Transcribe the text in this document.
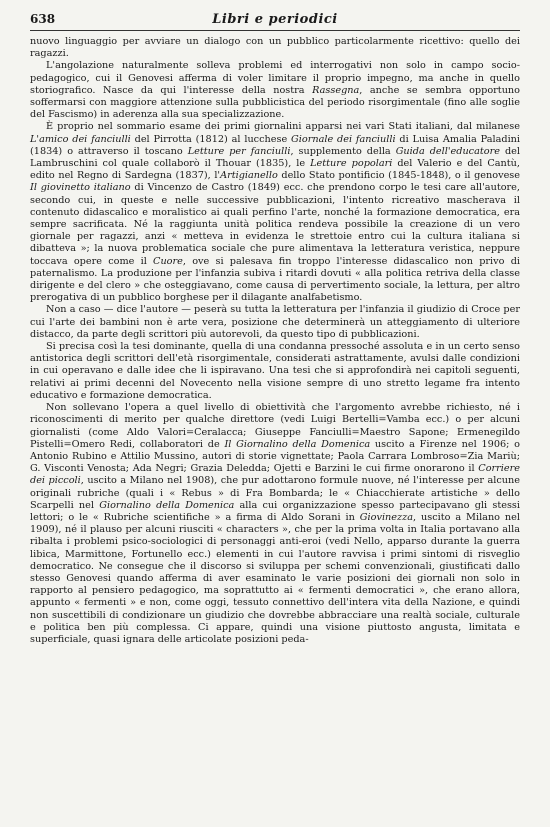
638	Libri e periodici

nuovo linguaggio per avviare un dialogo con un pubblico particolarmente ricettivo: quello dei ragazzi.

L'angolazione naturalmente solleva problemi ed interrogativi non solo in campo socio-pedagogico, cui il Genovesi afferma di voler limitare il proprio impegno, ma anche in quello storiografico. Nasce da qui l'interesse della nostra Rassegna, anche se sembra opportuno soffermarsi con maggiore attenzione sulla pubblicistica del periodo risorgimentale (fino alle soglie del Fascismo) in aderenza alla sua specializzazione.

È proprio nel sommario esame dei primi giornalini apparsi nei vari Stati italiani, dal milanese L'amico dei fanciulli del Pirrotta (1812) al lucchese Giornale dei fanciulli di Luisa Amalia Paladini (1834) o attraverso il toscano Letture per fanciulli, supplemento della Guida dell'educatore del Lambruschini col quale collaborò il Thouar (1835), le Letture popolari del Valerio e del Cantù, edito nel Regno di Sardegna (1837), l'Artigianello dello Stato pontificio (1845-1848), o il genovese Il giovinetto italiano di Vincenzo de Castro (1849) ecc. che prendono corpo le tesi care all'autore, secondo cui, in queste e nelle successive pubblicazioni, l'intento ricreativo mascherava il contenuto didascalico e moralistico ai quali perfino l'arte, nonché la formazione democratica, era sempre sacrificata. Né la raggiunta unità politica rendeva possibile la creazione di un vero giornale per ragazzi, anzi « metteva in evidenza le strettoie entro cui la cultura italiana si dibatteva »; la nuova problematica sociale che pure alimentava la letteratura veristica, neppure toccava opere come il Cuore, ove si palesava fin troppo l'interesse didascalico non privo di paternalismo. La produzione per l'infanzia subiva i ritardi dovuti « alla politica retriva della classe dirigente e del clero » che osteggiavano, come causa di pervertimento sociale, la lettura, per altro prerogativa di un pubblico borghese per il dilagante analfabetismo.

Non a caso — dice l'autore — peserà su tutta la letteratura per l'infanzia il giudizio di Croce per cui l'arte dei bambini non è arte vera, posizione che determinerà un atteggiamento di ulteriore distacco, da parte degli scrittori più autorevoli, da questo tipo di pubblicazioni.

Si precisa così la tesi dominante, quella di una condanna pressoché assoluta e in un certo senso antistorica degli scrittori dell'età risorgimentale, considerati astrattamente, avulsi dalle condizioni in cui operavano e dalle idee che li ispiravano. Una tesi che si approfondirà nei capitoli seguenti, relativi ai primi decenni del Novecento nella visione sempre di uno stretto legame fra intento educativo e formazione democratica.

Non sollevano l'opera a quel livello di obiettività che l'argomento avrebbe richiesto, né i riconoscimenti di merito per qualche direttore (vedi Luigi Bertelli=Vamba ecc.) o per alcuni giornalisti (come Aldo Valori=Ceralacca; Giuseppe Fanciulli=Maestro Sapone; Ermenegildo Pistelli=Omero Redi, collaboratori de Il Giornalino della Domenica uscito a Firenze nel 1906; o Antonio Rubino e Attilio Mussino, autori di storie vignettate; Paola Carrara Lombroso=Zia Mariù; G. Visconti Venosta; Ada Negri; Grazia Deledda; Ojetti e Barzini le cui firme onorarono il Corriere dei piccoli, uscito a Milano nel 1908), che pur adottarono formule nuove, né l'interesse per alcune originali rubriche (quali i « Rebus » di Fra Bombarda; le « Chiacchierate artistiche » dello Scarpelli nel Giornalino della Domenica alla cui organizzazione spesso partecipavano gli stessi lettori; o le « Rubriche scientifiche » a firma di Aldo Sorani in Giovinezza, uscito a Milano nel 1909), né il plauso per alcuni riusciti « characters », che per la prima volta in Italia portavano alla ribalta i problemi psico-sociologici di personaggi anti-eroi (vedi Nello, apparso durante la guerra libica, Marmittone, Fortunello ecc.) elementi in cui l'autore ravvisa i primi sintomi di risveglio democratico. Ne consegue che il discorso si sviluppa per schemi convenzionali, giustificati dallo stesso Genovesi quando afferma di aver esaminato le varie posizioni dei giornali non solo in rapporto al pensiero pedagogico, ma soprattutto ai « fermenti democratici », che erano allora, appunto « fermenti » e non, come oggi, tessuto connettivo dell'intera vita della Nazione, e quindi non suscettibili di condizionare un giudizio che dovrebbe abbracciare una realtà sociale, culturale e politica ben più complessa. Ci appare, quindi una visione piuttosto angusta, limitata e superficiale, quasi ignara delle articolate posizioni peda-
